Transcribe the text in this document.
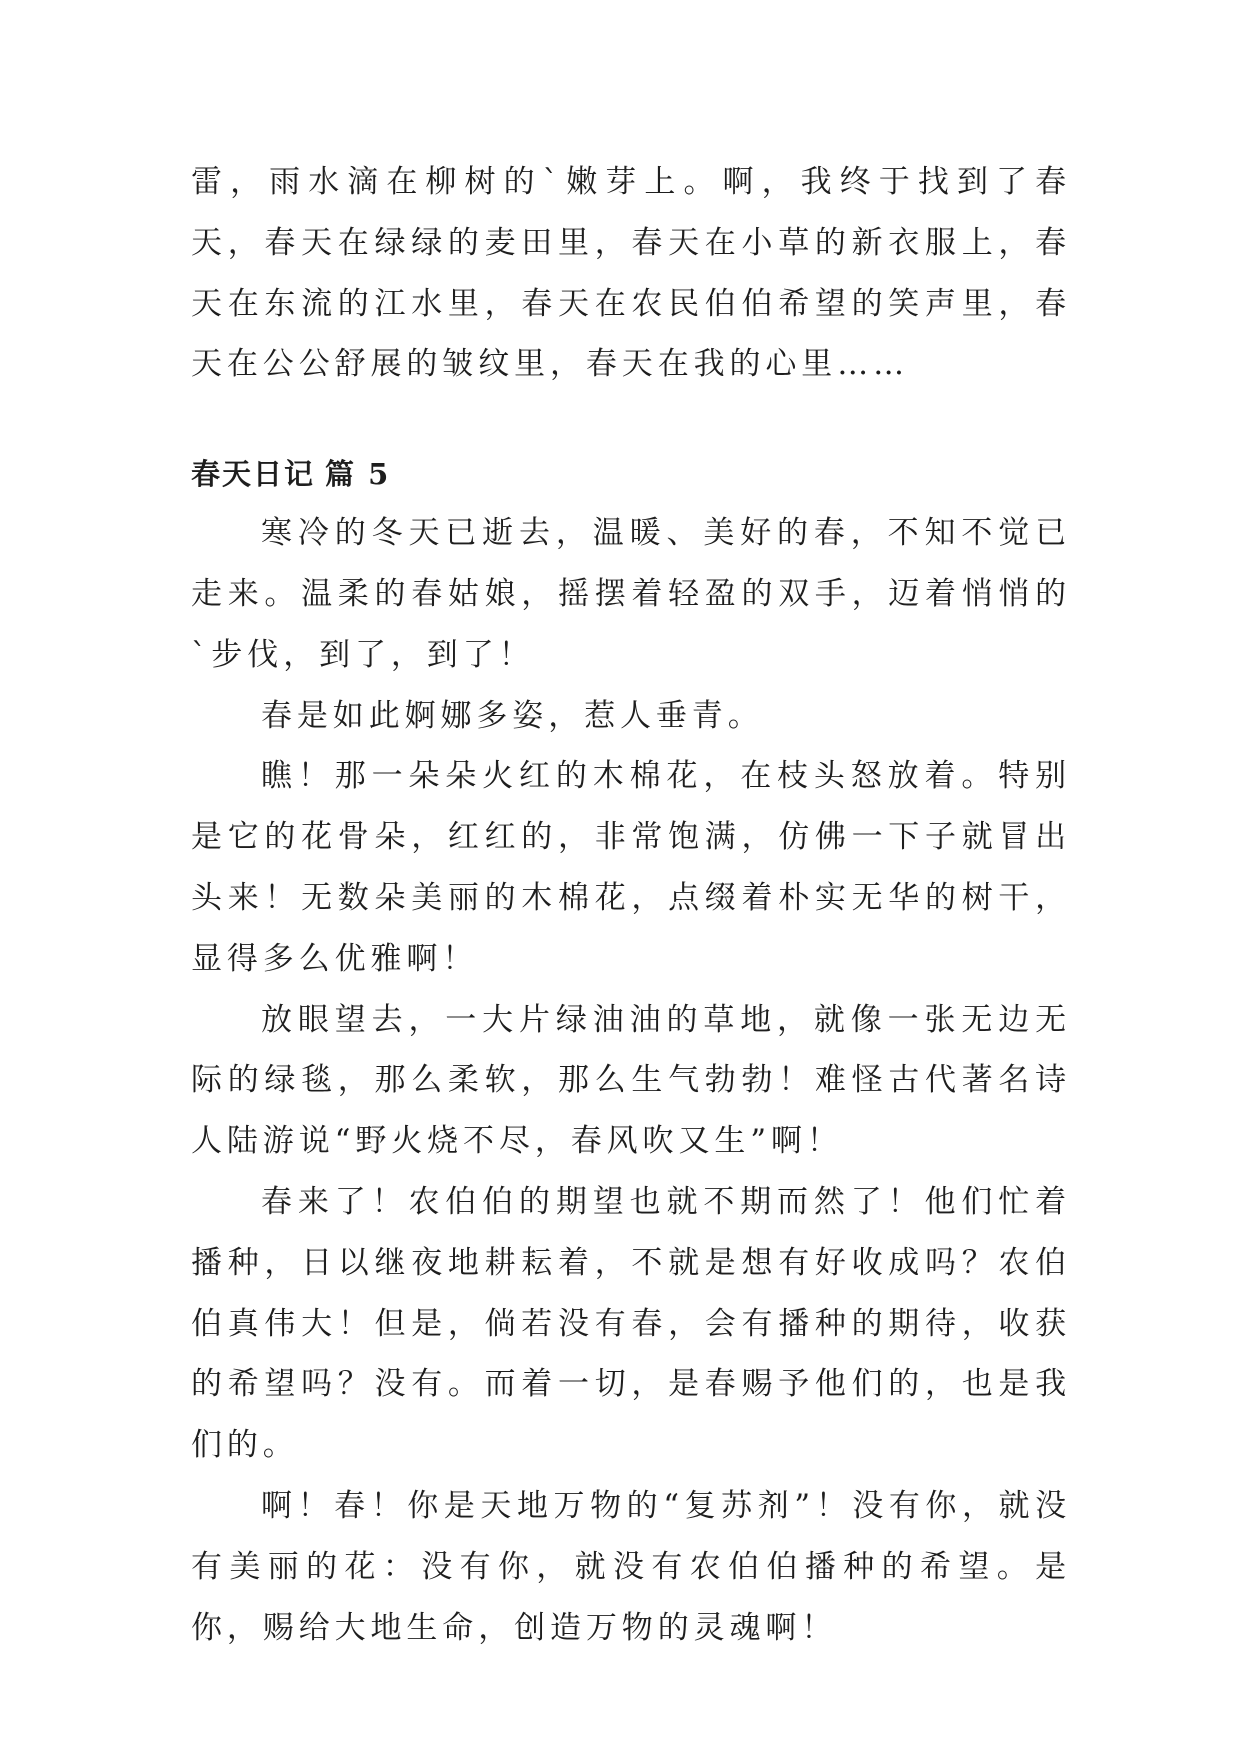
雷，雨水滴在柳树的`嫩芽上。啊，我终于找到了春天，春天在绿绿的麦田里，春天在小草的新衣服上，春天在东流的江水里，春天在农民伯伯希望的笑声里，春天在公公舒展的皱纹里，春天在我的心里……

春天日记 篇 5

寒冷的冬天已逝去，温暖、美好的春，不知不觉已走来。温柔的春姑娘，摇摆着轻盈的双手，迈着悄悄的`步伐，到了，到了！

春是如此婀娜多姿，惹人垂青。

瞧！那一朵朵火红的木棉花，在枝头怒放着。特别是它的花骨朵，红红的，非常饱满，仿佛一下子就冒出头来！无数朵美丽的木棉花，点缀着朴实无华的树干，显得多么优雅啊！

放眼望去，一大片绿油油的草地，就像一张无边无际的绿毯，那么柔软，那么生气勃勃！难怪古代著名诗人陆游说“野火烧不尽，春风吹又生”啊！

春来了！农伯伯的期望也就不期而然了！他们忙着播种，日以继夜地耕耘着，不就是想有好收成吗？农伯伯真伟大！但是，倘若没有春，会有播种的期待，收获的希望吗？没有。而着一切，是春赐予他们的，也是我们的。

啊！春！你是天地万物的“复苏剂”！没有你，就没有美丽的花：没有你，就没有农伯伯播种的希望。是你，赐给大地生命，创造万物的灵魂啊！
